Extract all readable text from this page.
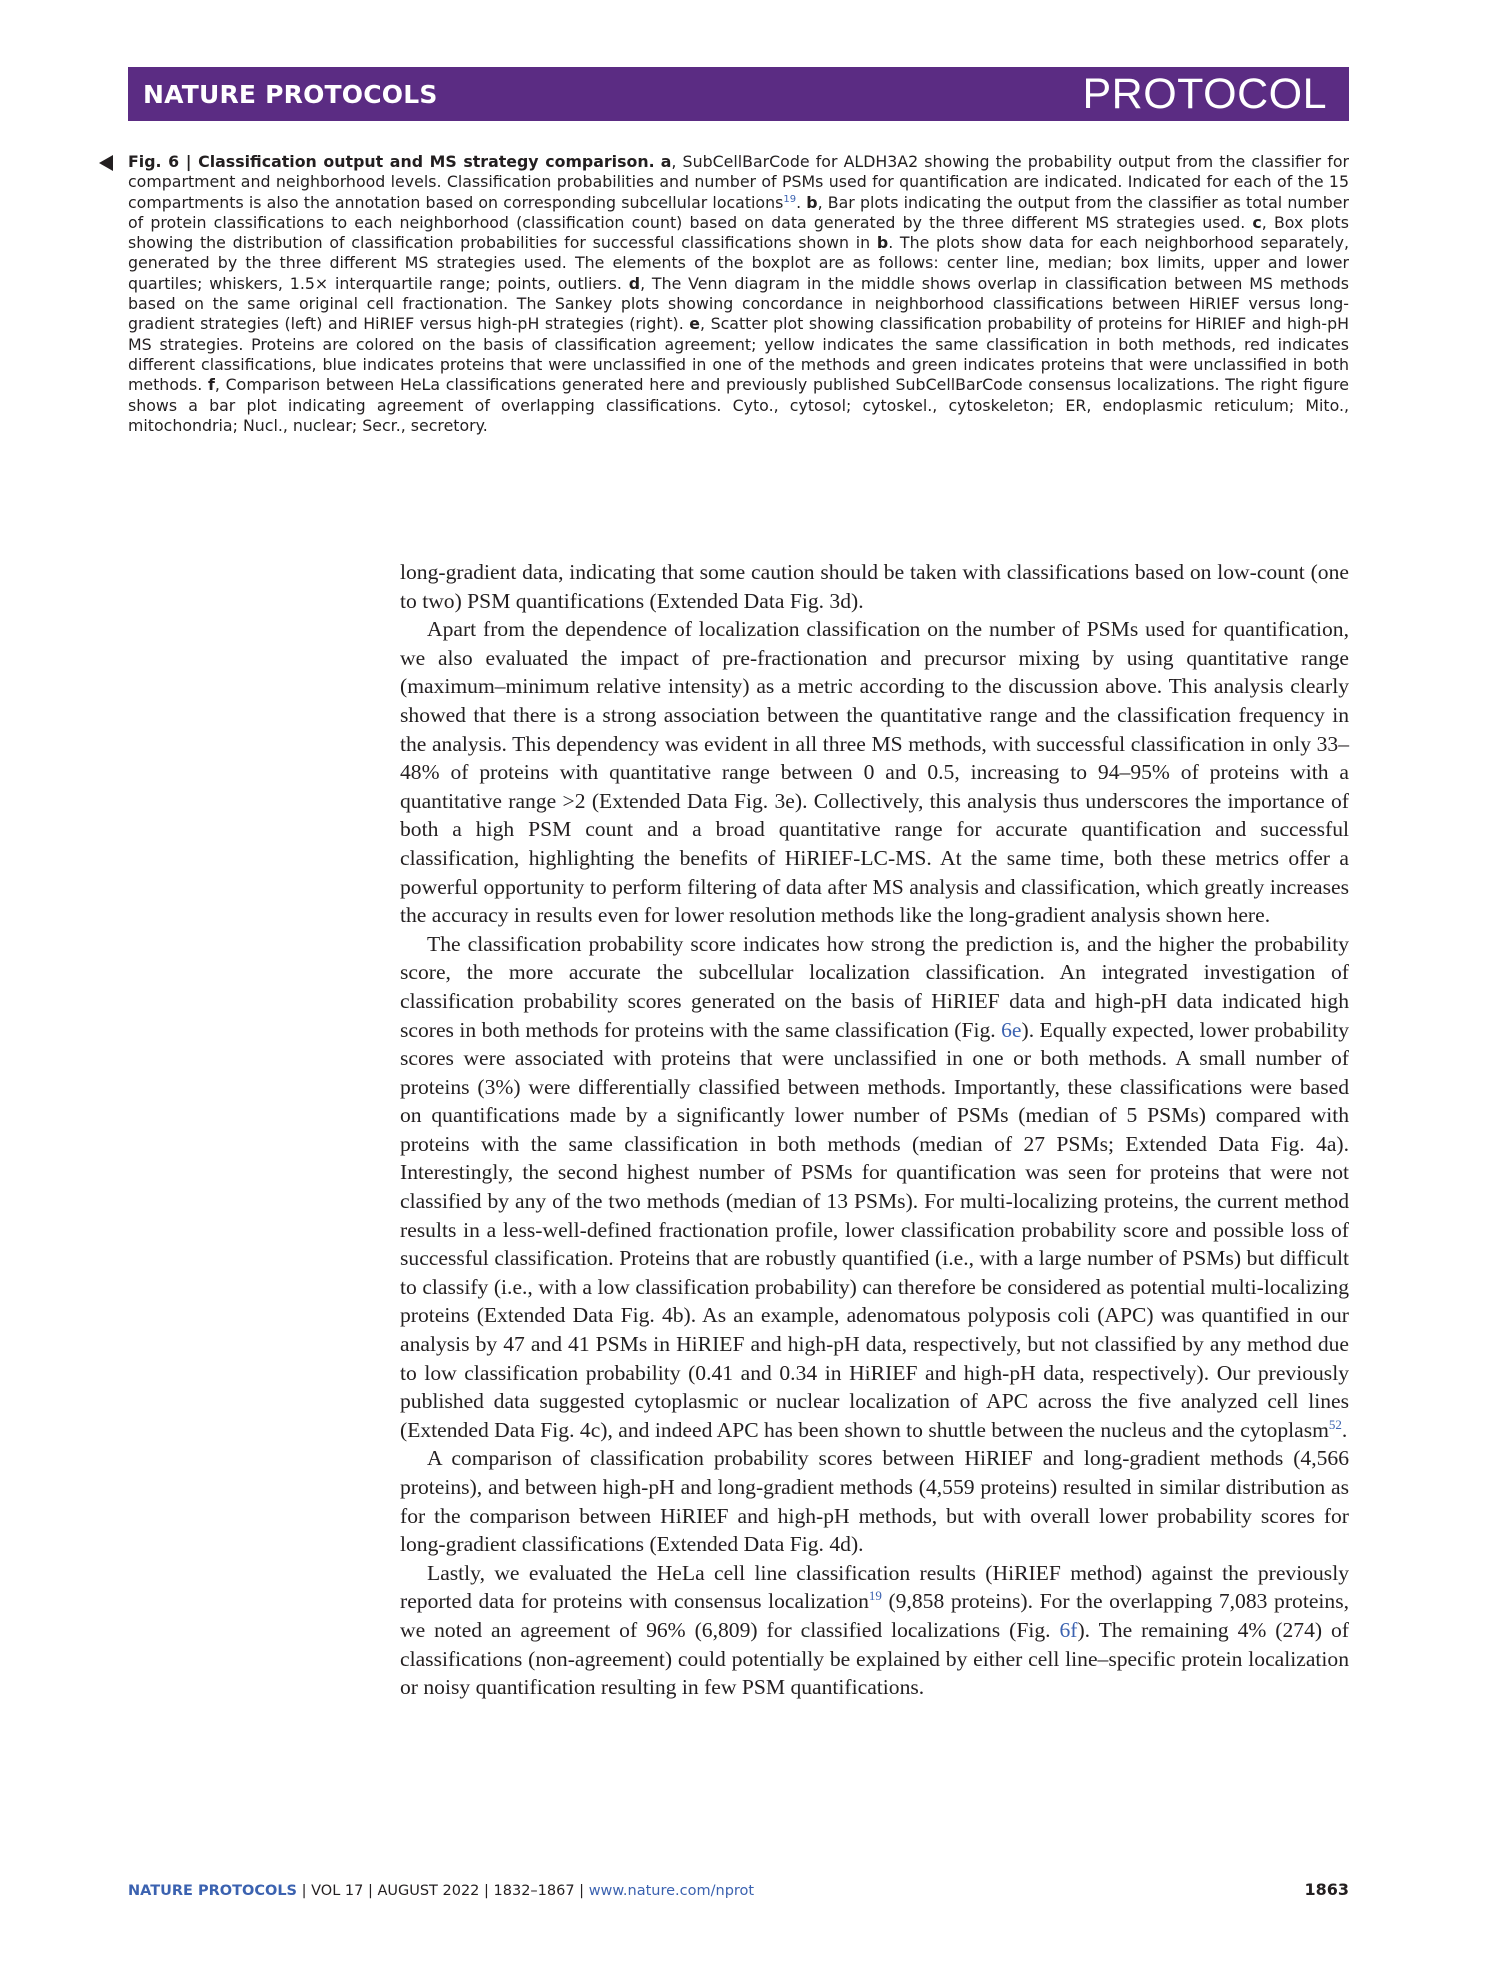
NATURE PROTOCOLS	PROTOCOL

Fig. 6 | Classification output and MS strategy comparison. a, SubCellBarCode for ALDH3A2 showing the probability output from the classifier for compartment and neighborhood levels. Classification probabilities and number of PSMs used for quantification are indicated. Indicated for each of the 15 compartments is also the annotation based on corresponding subcellular locations$^{19}$. b, Bar plots indicating the output from the classifier as total number of protein classifications to each neighborhood (classification count) based on data generated by the three different MS strategies used. c, Box plots showing the distribution of classification probabilities for successful classifications shown in b. The plots show data for each neighborhood separately, generated by the three different MS strategies used. The elements of the boxplot are as follows: center line, median; box limits, upper and lower quartiles; whiskers, 1.5× interquartile range; points, outliers. d, The Venn diagram in the middle shows overlap in classification between MS methods based on the same original cell fractionation. The Sankey plots showing concordance in neighborhood classifications between HiRIEF versus long-gradient strategies (left) and HiRIEF versus high-pH strategies (right). e, Scatter plot showing classification probability of proteins for HiRIEF and high-pH MS strategies. Proteins are colored on the basis of classification agreement; yellow indicates the same classification in both methods, red indicates different classifications, blue indicates proteins that were unclassified in one of the methods and green indicates proteins that were unclassified in both methods. f, Comparison between HeLa classifications generated here and previously published SubCellBarCode consensus localizations. The right figure shows a bar plot indicating agreement of overlapping classifications. Cyto., cytosol; cytoskel., cytoskeleton; ER, endoplasmic reticulum; Mito., mitochondria; Nucl., nuclear; Secr., secretory.

long-gradient data, indicating that some caution should be taken with classifications based on low-count (one to two) PSM quantifications (Extended Data Fig. 3d).

Apart from the dependence of localization classification on the number of PSMs used for quantification, we also evaluated the impact of pre-fractionation and precursor mixing by using quantitative range (maximum–minimum relative intensity) as a metric according to the discussion above. This analysis clearly showed that there is a strong association between the quantitative range and the classification frequency in the analysis. This dependency was evident in all three MS methods, with successful classification in only 33–48% of proteins with quantitative range between 0 and 0.5, increasing to 94–95% of proteins with a quantitative range >2 (Extended Data Fig. 3e). Collectively, this analysis thus underscores the importance of both a high PSM count and a broad quantitative range for accurate quantification and successful classification, highlighting the benefits of HiRIEF-LC-MS. At the same time, both these metrics offer a powerful opportunity to perform filtering of data after MS analysis and classification, which greatly increases the accuracy in results even for lower resolution methods like the long-gradient analysis shown here.

The classification probability score indicates how strong the prediction is, and the higher the probability score, the more accurate the subcellular localization classification. An integrated investigation of classification probability scores generated on the basis of HiRIEF data and high-pH data indicated high scores in both methods for proteins with the same classification (Fig. 6e). Equally expected, lower probability scores were associated with proteins that were unclassified in one or both methods. A small number of proteins (3%) were differentially classified between methods. Importantly, these classifications were based on quantifications made by a significantly lower number of PSMs (median of 5 PSMs) compared with proteins with the same classification in both methods (median of 27 PSMs; Extended Data Fig. 4a). Interestingly, the second highest number of PSMs for quantification was seen for proteins that were not classified by any of the two methods (median of 13 PSMs). For multi-localizing proteins, the current method results in a less-well-defined fractionation profile, lower classification probability score and possible loss of successful classification. Proteins that are robustly quantified (i.e., with a large number of PSMs) but difficult to classify (i.e., with a low classification probability) can therefore be considered as potential multi-localizing proteins (Extended Data Fig. 4b). As an example, adenomatous polyposis coli (APC) was quantified in our analysis by 47 and 41 PSMs in HiRIEF and high-pH data, respectively, but not classified by any method due to low classification probability (0.41 and 0.34 in HiRIEF and high-pH data, respectively). Our previously published data suggested cytoplasmic or nuclear localization of APC across the five analyzed cell lines (Extended Data Fig. 4c), and indeed APC has been shown to shuttle between the nucleus and the cytoplasm$^{52}$.

A comparison of classification probability scores between HiRIEF and long-gradient methods (4,566 proteins), and between high-pH and long-gradient methods (4,559 proteins) resulted in similar distribution as for the comparison between HiRIEF and high-pH methods, but with overall lower probability scores for long-gradient classifications (Extended Data Fig. 4d).

Lastly, we evaluated the HeLa cell line classification results (HiRIEF method) against the previously reported data for proteins with consensus localization$^{19}$ (9,858 proteins). For the overlapping 7,083 proteins, we noted an agreement of 96% (6,809) for classified localizations (Fig. 6f). The remaining 4% (274) of classifications (non-agreement) could potentially be explained by either cell line–specific protein localization or noisy quantification resulting in few PSM quantifications.

NATURE PROTOCOLS | VOL 17 | AUGUST 2022 | 1832–1867 | www.nature.com/nprot	1863
